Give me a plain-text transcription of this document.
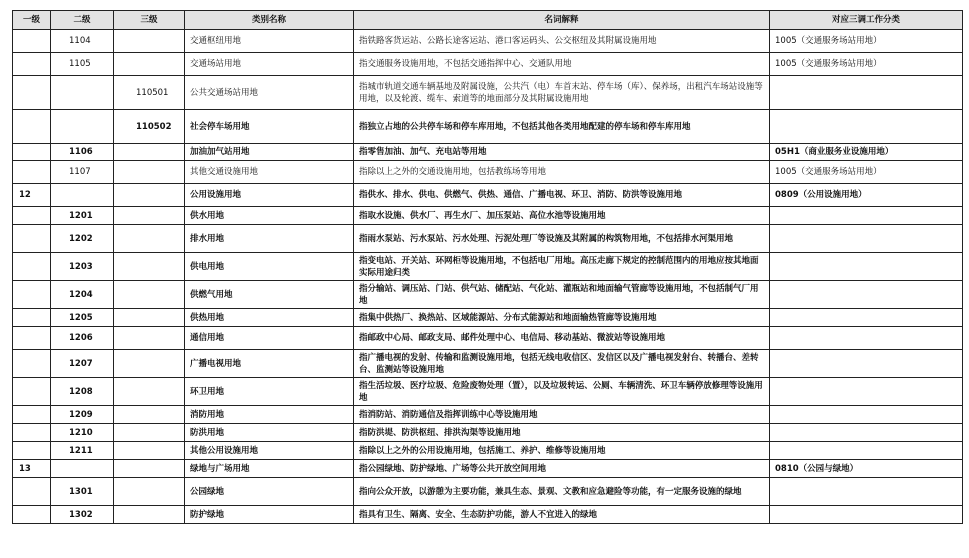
一级	二级	三级	类别名称	名词解释	对应三调工作分类
	1104		交通枢纽用地	指铁路客货运站、公路长途客运站、港口客运码头、公交枢纽及其附属设施用地	1005（交通服务场站用地）
	1105		交通场站用地	指交通服务设施用地，不包括交通指挥中心、交通队用地	1005（交通服务场站用地）
		110501	公共交通场站用地	指城市轨道交通车辆基地及附属设施，公共汽（电）车首末站、停车场（库）、保养场，出租汽车场站设施等用地，以及轮渡、缆车、索道等的地面部分及其附属设施用地	
		110502	社会停车场用地	指独立占地的公共停车场和停车库用地，不包括其他各类用地配建的停车场和停车库用地	
	1106		加油加气站用地	指零售加油、加气、充电站等用地	05H1（商业服务业设施用地）
	1107		其他交通设施用地	指除以上之外的交通设施用地，包括教练场等用地	1005（交通服务场站用地）
12			公用设施用地	指供水、排水、供电、供燃气、供热、通信、广播电视、环卫、消防、防洪等设施用地	0809（公用设施用地）
	1201		供水用地	指取水设施、供水厂、再生水厂、加压泵站、高位水池等设施用地	
	1202		排水用地	指雨水泵站、污水泵站、污水处理、污泥处理厂等设施及其附属的构筑物用地，不包括排水河渠用地	
	1203		供电用地	指变电站、开关站、环网柜等设施用地，不包括电厂用地。高压走廊下规定的控制范围内的用地应按其地面实际用途归类	
	1204		供燃气用地	指分输站、调压站、门站、供气站、储配站、气化站、灌瓶站和地面输气管廊等设施用地，不包括制气厂用地	
	1205		供热用地	指集中供热厂、换热站、区域能源站、分布式能源站和地面输热管廊等设施用地	
	1206		通信用地	指邮政中心局、邮政支局、邮件处理中心、电信局、移动基站、微波站等设施用地	
	1207		广播电视用地	指广播电视的发射、传输和监测设施用地，包括无线电收信区、发信区以及广播电视发射台、转播台、差转台、监测站等设施用地	
	1208		环卫用地	指生活垃圾、医疗垃圾、危险废物处理（置），以及垃圾转运、公厕、车辆清洗、环卫车辆停放修理等设施用地	
	1209		消防用地	指消防站、消防通信及指挥训练中心等设施用地	
	1210		防洪用地	指防洪堤、防洪枢纽、排洪沟渠等设施用地	
	1211		其他公用设施用地	指除以上之外的公用设施用地，包括施工、养护、维修等设施用地	
13			绿地与广场用地	指公园绿地、防护绿地、广场等公共开放空间用地	0810（公园与绿地）
	1301		公园绿地	指向公众开放，以游憩为主要功能，兼具生态、景观、文教和应急避险等功能，有一定服务设施的绿地	
	1302		防护绿地	指具有卫生、隔离、安全、生态防护功能，游人不宜进入的绿地	
